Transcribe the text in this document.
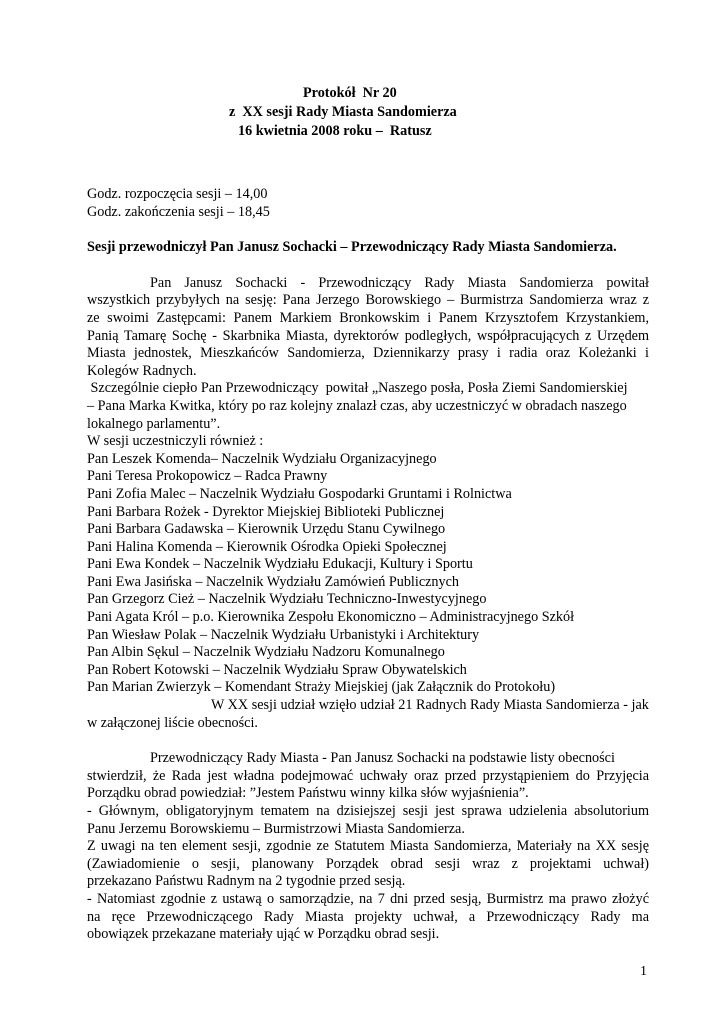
Protokół  Nr 20
z  XX sesji Rady Miasta Sandomierza
16 kwietnia 2008 roku –  Ratusz
Godz. rozpoczęcia sesji – 14,00
Godz. zakończenia sesji – 18,45
Sesji przewodniczył Pan Janusz Sochacki – Przewodniczący Rady Miasta Sandomierza.
Pan Janusz Sochacki - Przewodniczący Rady Miasta Sandomierza powitał
wszystkich przybyłych na sesję: Pana Jerzego Borowskiego – Burmistrza Sandomierza wraz z
ze swoimi Zastępcami: Panem Markiem Bronkowskim i Panem Krzysztofem Krzystankiem,
Panią Tamarę Sochę - Skarbnika Miasta, dyrektorów podległych, współpracujących z Urzędem
Miasta jednostek, Mieszkańców Sandomierza, Dziennikarzy prasy i radia oraz Koleżanki i
Kolegów Radnych.
Szczególnie ciepło Pan Przewodniczący  powitał „Naszego posła, Posła Ziemi Sandomierskiej
– Pana Marka Kwitka, który po raz kolejny znalazł czas, aby uczestniczyć w obradach naszego
lokalnego parlamentu”.
W sesji uczestniczyli również :
Pan Leszek Komenda– Naczelnik Wydziału Organizacyjnego
Pani Teresa Prokopowicz – Radca Prawny
Pani Zofia Malec – Naczelnik Wydziału Gospodarki Gruntami i Rolnictwa
Pani Barbara Rożek - Dyrektor Miejskiej Biblioteki Publicznej
Pani Barbara Gadawska – Kierownik Urzędu Stanu Cywilnego
Pani Halina Komenda – Kierownik Ośrodka Opieki Społecznej
Pani Ewa Kondek – Naczelnik Wydziału Edukacji, Kultury i Sportu
Pani Ewa Jasińska – Naczelnik Wydziału Zamówień Publicznych
Pan Grzegorz Cież – Naczelnik Wydziału Techniczno-Inwestycyjnego
Pani Agata Król – p.o. Kierownika Zespołu Ekonomiczno – Administracyjnego Szkół
Pan Wiesław Polak – Naczelnik Wydziału Urbanistyki i Architektury
Pan Albin Sękul – Naczelnik Wydziału Nadzoru Komunalnego
Pan Robert Kotowski – Naczelnik Wydziału Spraw Obywatelskich
Pan Marian Zwierzyk – Komendant Straży Miejskiej (jak Załącznik do Protokołu)
W XX sesji udział wzięło udział 21 Radnych Rady Miasta Sandomierza - jak
w załączonej liście obecności.
Przewodniczący Rady Miasta - Pan Janusz Sochacki na podstawie listy obecności
stwierdził, że Rada jest władna podejmować uchwały oraz przed przystąpieniem do Przyjęcia
Porządku obrad powiedział: ”Jestem Państwu winny kilka słów wyjaśnienia”.
- Głównym, obligatoryjnym tematem na dzisiejszej sesji jest sprawa udzielenia absolutorium
Panu Jerzemu Borowskiemu – Burmistrzowi Miasta Sandomierza.
Z uwagi na ten element sesji, zgodnie ze Statutem Miasta Sandomierza, Materiały na XX sesję
(Zawiadomienie o sesji, planowany Porządek obrad sesji wraz z projektami uchwał)
przekazano Państwu Radnym na 2 tygodnie przed sesją.
- Natomiast zgodnie z ustawą o samorządzie, na 7 dni przed sesją, Burmistrz ma prawo złożyć
na ręce Przewodniczącego Rady Miasta projekty uchwał, a Przewodniczący Rady ma
obowiązek przekazane materiały ująć w Porządku obrad sesji.
1
